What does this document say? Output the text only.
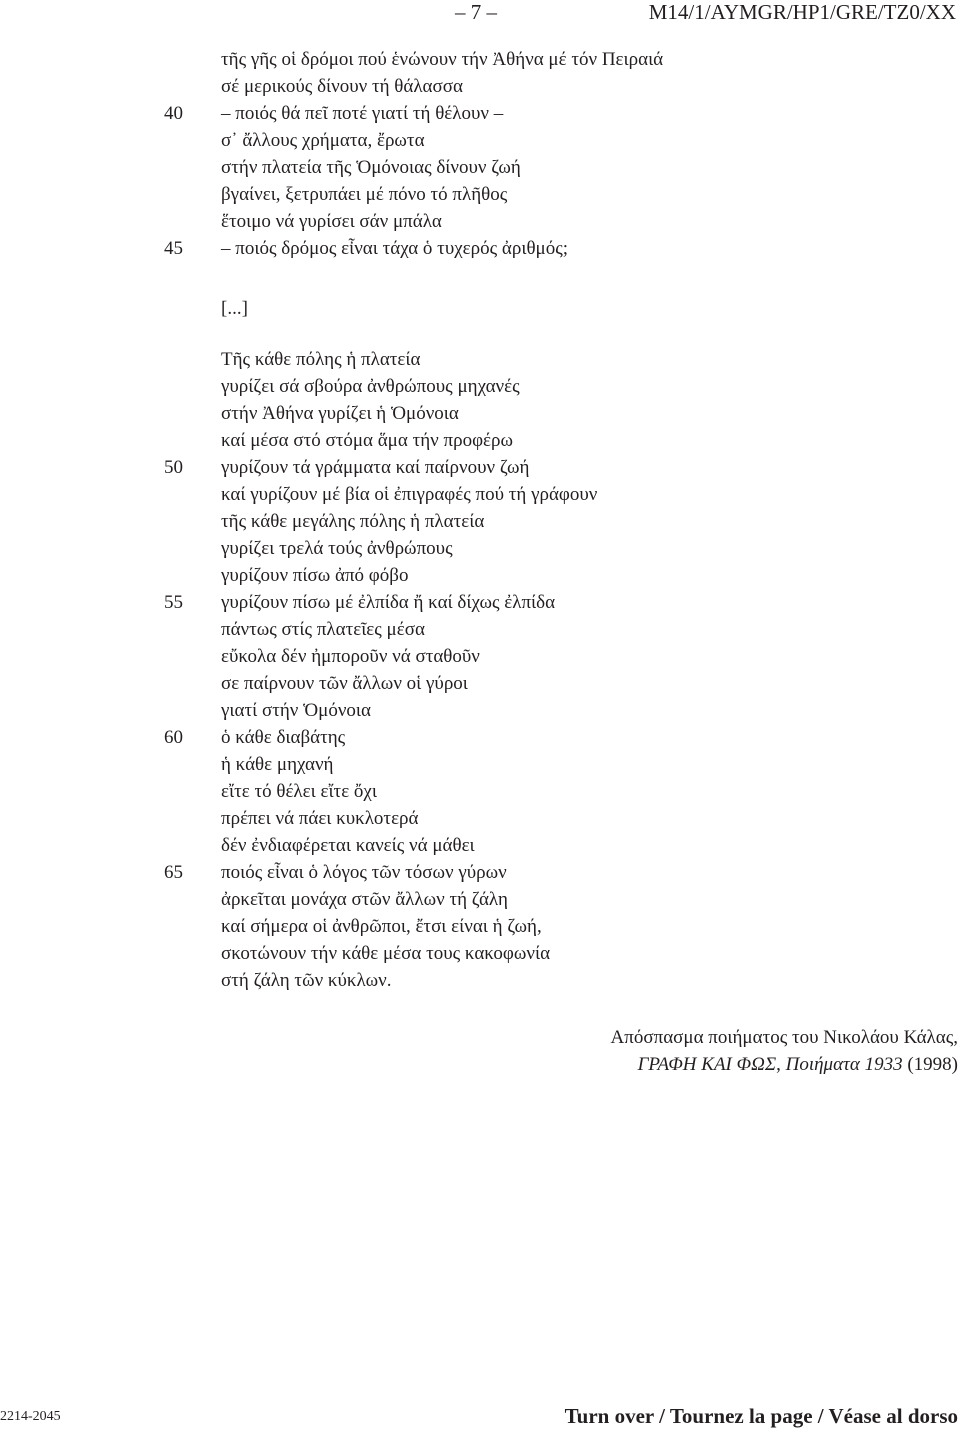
– 7 –	M14/1/AYMGR/HP1/GRE/TZ0/XX
τῆς γῆς οἱ δρόμοι πού ἑνώνουν τήν Ἀθήνα μέ τόν Πειραιά
σέ μερικούς δίνουν τή θάλασσα
40	– ποιός θά πεῖ ποτέ γιατί τή θέλουν –
σ᾽ ἄλλους χρήματα, ἔρωτα
στήν πλατεία τῆς Ὁμόνοιας δίνουν ζωή
βγαίνει, ξετρυπάει μέ πόνο τό πλῆθος
ἕτοιμο νά γυρίσει σάν μπάλα
45	– ποιός δρόμος εἶναι τάχα ὁ τυχερός ἀριθμός;
[...]
Τῆς κάθε πόλης ἡ πλατεία
γυρίζει σά σβούρα ἀνθρώπους μηχανές
στήν Ἀθήνα γυρίζει ἡ Ὁμόνοια
καί μέσα στό στόμα ἅμα τήν προφέρω
50	γυρίζουν τά γράμματα καί παίρνουν ζωή
καί γυρίζουν μέ βία οἱ ἐπιγραφές πού τή γράφουν
τῆς κάθε μεγάλης πόλης ἡ πλατεία
γυρίζει τρελά τούς ἀνθρώπους
γυρίζουν πίσω ἀπό φόβο
55	γυρίζουν πίσω μέ ἐλπίδα ἤ καί δίχως ἐλπίδα
πάντως στίς πλατεῖες μέσα
εὔκολα δέν ἠμποροῦν νά σταθοῦν
σε παίρνουν τῶν ἄλλων οἱ γύροι
γιατί στήν Ὁμόνοια
60	ὁ κάθε διαβάτης
ἡ κάθε μηχανή
εἴτε τό θέλει εἴτε ὄχι
πρέπει νά πάει κυκλοτερά
δέν ἐνδιαφέρεται κανείς νά μάθει
65	ποιός εἶναι ὁ λόγος τῶν τόσων γύρων
ἀρκεῖται μονάχα στῶν ἄλλων τή ζάλη
καί σήμερα οἱ ἀνθρῶποι, ἔτσι είναι ἡ ζωή,
σκοτώνουν τήν κάθε μέσα τους κακοφωνία
στή ζάλη τῶν κύκλων.
Απόσπασμα ποιήματος του Νικολάου Κάλας,
ΓΡΑΦΗ ΚΑΙ ΦΩΣ, Ποιήματα 1933 (1998)
2214-2045	Turn over / Tournez la page / Véase al dorso
